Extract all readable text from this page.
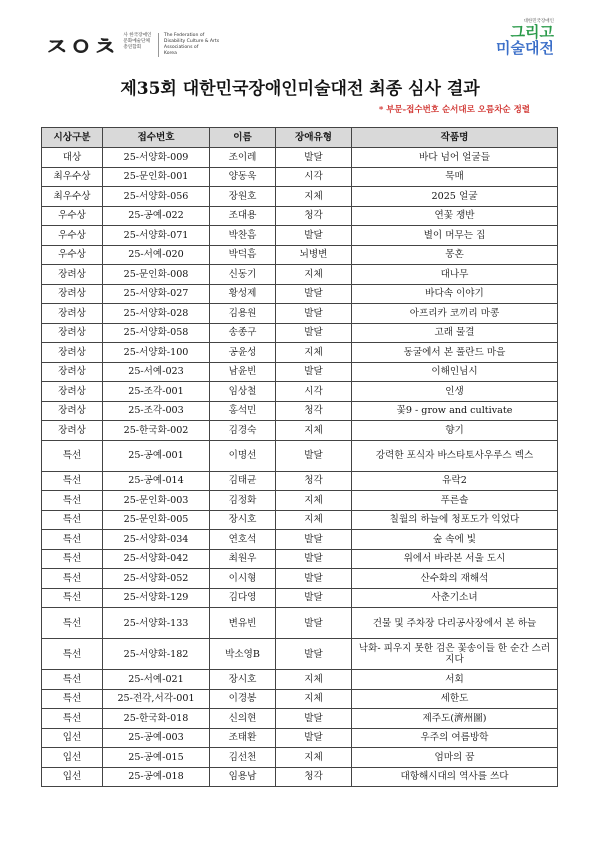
ㅈㅇㅊ 사 한국장애인
문화예술단체
총연합회

The Federation of
Disability Culture & Arts
Associations of
Korea
대한민국장애인
그리고
미술대전
제35회 대한민국장애인미술대전 최종 심사 결과
* 부문-접수번호 순서대로 오름차순 정렬
시상구분	접수번호	이름	장애유형	작품명
대상	25-서양화-009	조이레	발달	바다 넘어 얼굴들
최우수상	25-문인화-001	양동욱	시각	묵매
최우수상	25-서양화-056	장원호	지체	2025 얼굴
우수상	25-공예-022	조대용	청각	연꽃 쟁반
우수상	25-서양화-071	박찬흠	발달	별이 머무는 집
우수상	25-서예-020	박덕흠	뇌병변	몽혼
장려상	25-문인화-008	신동기	지체	대나무
장려상	25-서양화-027	황성제	발달	바다속 이야기
장려상	25-서양화-028	김용원	발달	아프리카 코끼리 마콩
장려상	25-서양화-058	송종구	발달	고래 물결
장려상	25-서양화-100	공윤성	지체	동굴에서 본 풀란드 마을
장려상	25-서예-023	남윤빈	발달	이해인님시
장려상	25-조각-001	임상철	시각	인생
장려상	25-조각-003	홍석민	청각	꽃9 - grow and cultivate
장려상	25-한국화-002	김경숙	지체	향기
특선	25-공예-001	이명선	발달	강력한 포식자 바스타토사우루스 렉스
특선	25-공예-014	김태균	청각	유락2
특선	25-문인화-003	김정화	지체	푸른솔
특선	25-문인화-005	장시호	지체	칠월의 하늘에 청포도가 익었다
특선	25-서양화-034	연호석	발달	숲 속에 빛
특선	25-서양화-042	최원우	발달	위에서 바라본 서울 도시
특선	25-서양화-052	이시형	발달	산수화의 재해석
특선	25-서양화-129	김다영	발달	사춘기소녀
특선	25-서양화-133	변유빈	발달	건물 및 주차장 다리공사장에서 본 하늘
특선	25-서양화-182	박소영B	발달	낙화- 피우지 못한 검은 꽃송이들 한 순간 스러지다
특선	25-서예-021	장시호	지체	서회
특선	25-전각,서각-001	이경봉	지체	세한도
특선	25-한국화-018	신의현	발달	제주도(濟州圖)
입선	25-공예-003	조태환	발달	우주의 여름방학
입선	25-공예-015	김선천	지체	엄마의 꿈
입선	25-공예-018	임용남	청각	대항해시대의 역사를 쓰다
